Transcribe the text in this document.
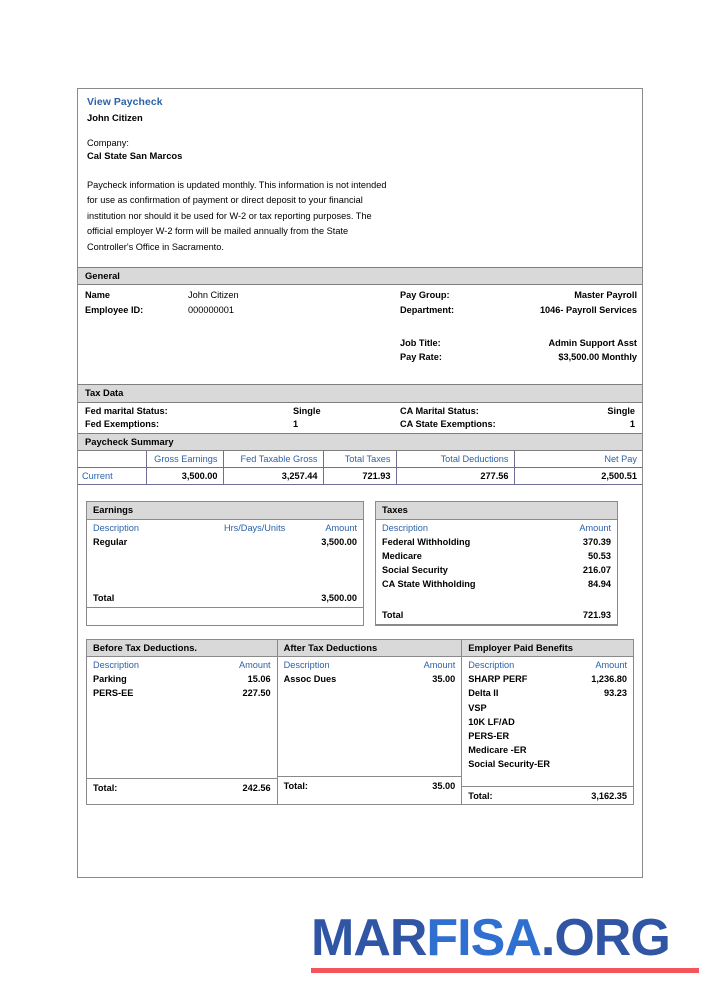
View Paycheck
John Citizen
Company:
Cal State San Marcos
Paycheck information is updated monthly. This information is not intended
for use as confirmation of payment or direct deposit to your financial
institution nor should it be used for W-2 or tax reporting purposes. The
official employer W-2 form will be mailed annually from the State
Controller's Office in Sacramento.
General
Name	John Citizen
Employee ID:	000000001
Pay Group:	Master Payroll
Department:	1046- Payroll Services
Job Title:	Admin Support Asst
Pay Rate:	$3,500.00 Monthly
Tax Data
Fed marital Status:	Single	CA Marital Status:	Single
Fed Exemptions:	1	CA State Exemptions:	1
Paycheck Summary
	Gross Earnings	Fed Taxable Gross	Total Taxes	Total Deductions	Net Pay
Current	3,500.00	3,257.44	721.93	277.56	2,500.51
Earnings
Description	Hrs/Days/Units	Amount
Regular		3,500.00

Total		3,500.00
Taxes
Description	Amount
Federal Withholding	370.39
Medicare	50.53
Social Security	216.07
CA State Withholding	84.94

Total	721.93
Before Tax Deductions.
Description	Amount
Parking	15.06
PERS-EE	227.50

Total:	242.56
After Tax Deductions
Description	Amount
Assoc Dues	35.00

Total:	35.00
Employer Paid Benefits
Description	Amount
SHARP PERF	1,236.80
Delta II	93.23
VSP	
10K LF/AD	
PERS-ER	
Medicare -ER	
Social Security-ER	

Total:	3,162.35
MARFISA.ORG
